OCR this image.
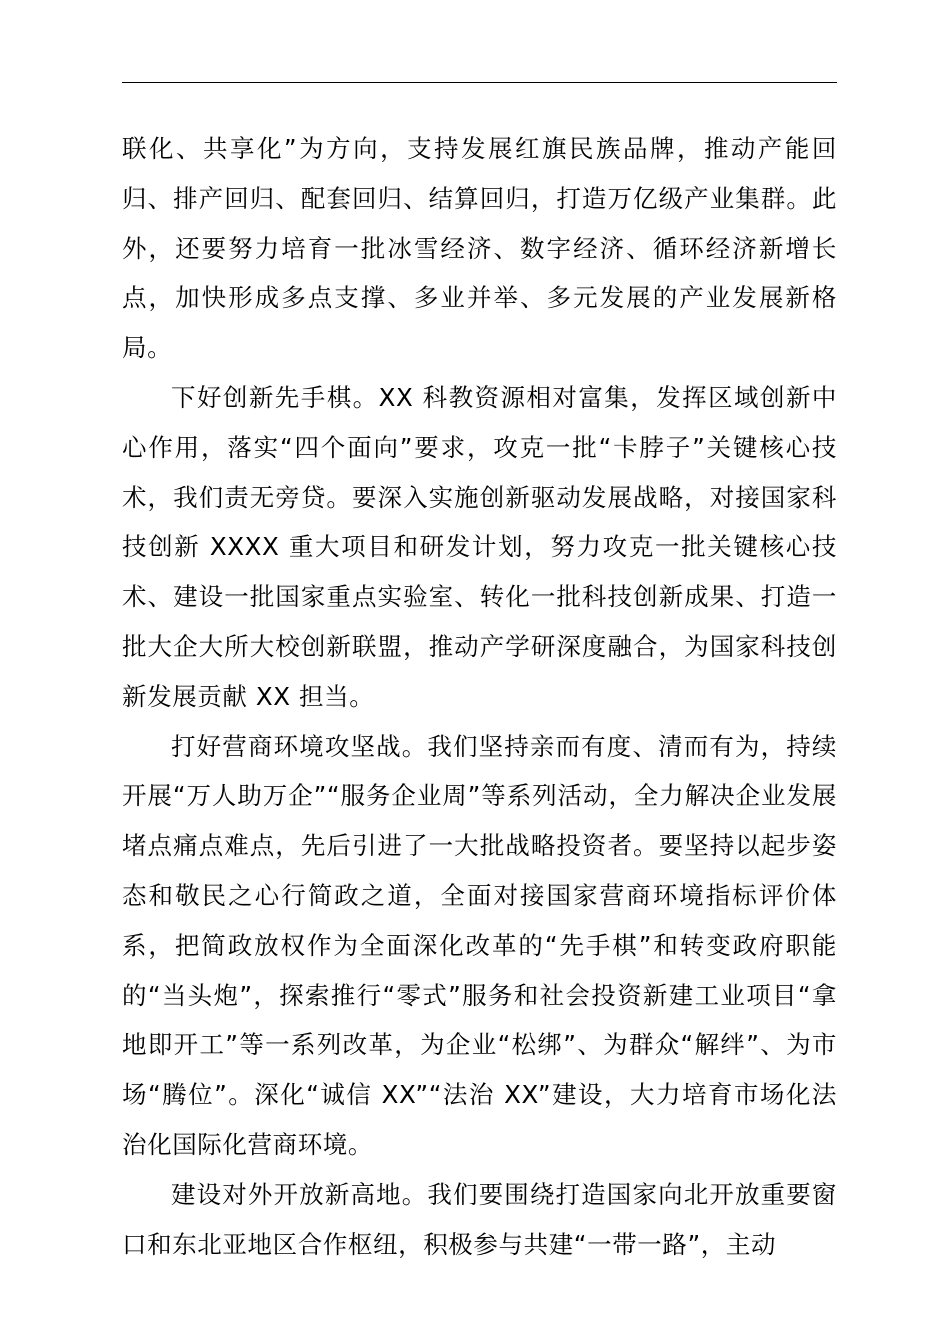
联化、共享化”为方向，支持发展红旗民族品牌，推动产能回归、排产回归、配套回归、结算回归，打造万亿级产业集群。此外，还要努力培育一批冰雪经济、数字经济、循环经济新增长点，加快形成多点支撑、多业并举、多元发展的产业发展新格局。

下好创新先手棋。XX 科教资源相对富集，发挥区域创新中心作用，落实“四个面向”要求，攻克一批“卡脖子”关键核心技术，我们责无旁贷。要深入实施创新驱动发展战略，对接国家科技创新 XXXX 重大项目和研发计划，努力攻克一批关键核心技术、建设一批国家重点实验室、转化一批科技创新成果、打造一批大企大所大校创新联盟，推动产学研深度融合，为国家科技创新发展贡献 XX 担当。

打好营商环境攻坚战。我们坚持亲而有度、清而有为，持续开展“万人助万企”“服务企业周”等系列活动，全力解决企业发展堵点痛点难点，先后引进了一大批战略投资者。要坚持以起步姿态和敬民之心行简政之道，全面对接国家营商环境指标评价体系，把简政放权作为全面深化改革的“先手棋”和转变政府职能的“当头炮”，探索推行“零式”服务和社会投资新建工业项目“拿地即开工”等一系列改革，为企业“松绑”、为群众“解绊”、为市场“腾位”。深化“诚信 XX”“法治 XX”建设，大力培育市场化法治化国际化营商环境。

建设对外开放新高地。我们要围绕打造国家向北开放重要窗口和东北亚地区合作枢纽，积极参与共建“一带一路”，主动
